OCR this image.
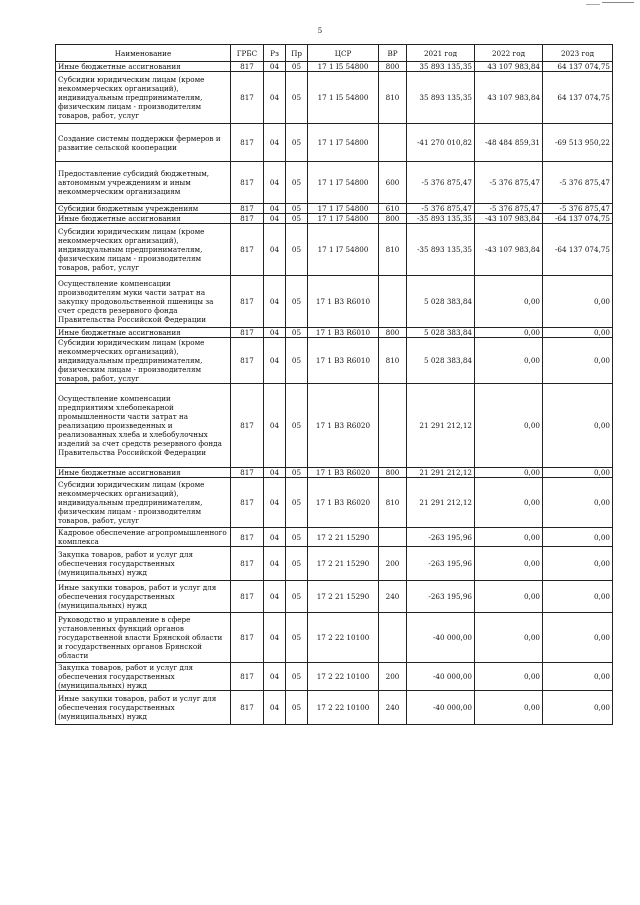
5
Наименование	ГРБС	Рз	Пр	ЦСР	ВР	2021 год	2022 год	2023 год
Иные бюджетные ассигнования	817	04	05	17 1 I5 54800	800	35 893 135,35	43 107 983,84	64 137 074,75
Субсидии юридическим лицам (кроме некоммерческих организаций), индивидуальным предпринимателям, физическим лицам - производителям товаров, работ, услуг	817	04	05	17 1 I5 54800	810	35 893 135,35	43 107 983,84	64 137 074,75
Создание системы поддержки фермеров и развитие сельской кооперации	817	04	05	17 1 I7 54800		-41 270 010,82	-48 484 859,31	-69 513 950,22
Предоставление субсидий бюджетным, автономным учреждениям и иным некоммерческим организациям	817	04	05	17 1 I7 54800	600	-5 376 875,47	-5 376 875,47	-5 376 875,47
Субсидии бюджетным учреждениям	817	04	05	17 1 I7 54800	610	-5 376 875,47	-5 376 875,47	-5 376 875,47
Иные бюджетные ассигнования	817	04	05	17 1 I7 54800	800	-35 893 135,35	-43 107 983,84	-64 137 074,75
Субсидии юридическим лицам (кроме некоммерческих организаций), индивидуальным предпринимателям, физическим лицам - производителям товаров, работ, услуг	817	04	05	17 1 I7 54800	810	-35 893 135,35	-43 107 983,84	-64 137 074,75
Осуществление компенсации производителям муки части затрат на закупку продовольственной пшеницы за счет средств резервного фонда Правительства Российской Федерации	817	04	05	17 1 В3 R6010		5 028 383,84	0,00	0,00
Иные бюджетные ассигнования	817	04	05	17 1 В3 R6010	800	5 028 383,84	0,00	0,00
Субсидии юридическим лицам (кроме некоммерческих организаций), индивидуальным предпринимателям, физическим лицам - производителям товаров, работ, услуг	817	04	05	17 1 В3 R6010	810	5 028 383,84	0,00	0,00
Осуществление компенсации предприятиям хлебопекарной промышленности части затрат на реализацию произведенных и реализованных хлеба и хлебобулочных изделий за счет средств резервного фонда Правительства Российской Федерации	817	04	05	17 1 В3 R6020		21 291 212,12	0,00	0,00
Иные бюджетные ассигнования	817	04	05	17 1 В3 R6020	800	21 291 212,12	0,00	0,00
Субсидии юридическим лицам (кроме некоммерческих организаций), индивидуальным предпринимателям, физическим лицам - производителям товаров, работ, услуг	817	04	05	17 1 В3 R6020	810	21 291 212,12	0,00	0,00
Кадровое обеспечение агропромышленного комплекса	817	04	05	17 2 21 15290		-263 195,96	0,00	0,00
Закупка товаров, работ и услуг для обеспечения государственных (муниципальных) нужд	817	04	05	17 2 21 15290	200	-263 195,96	0,00	0,00
Иные закупки товаров, работ и услуг для обеспечения государственных (муниципальных) нужд	817	04	05	17 2 21 15290	240	-263 195,96	0,00	0,00
Руководство и управление в сфере установленных функций органов государственной власти Брянской области и государственных органов Брянской области	817	04	05	17 2 22 10100		-40 000,00	0,00	0,00
Закупка товаров, работ и услуг для обеспечения государственных (муниципальных) нужд	817	04	05	17 2 22 10100	200	-40 000,00	0,00	0,00
Иные закупки товаров, работ и услуг для обеспечения государственных (муниципальных) нужд	817	04	05	17 2 22 10100	240	-40 000,00	0,00	0,00
